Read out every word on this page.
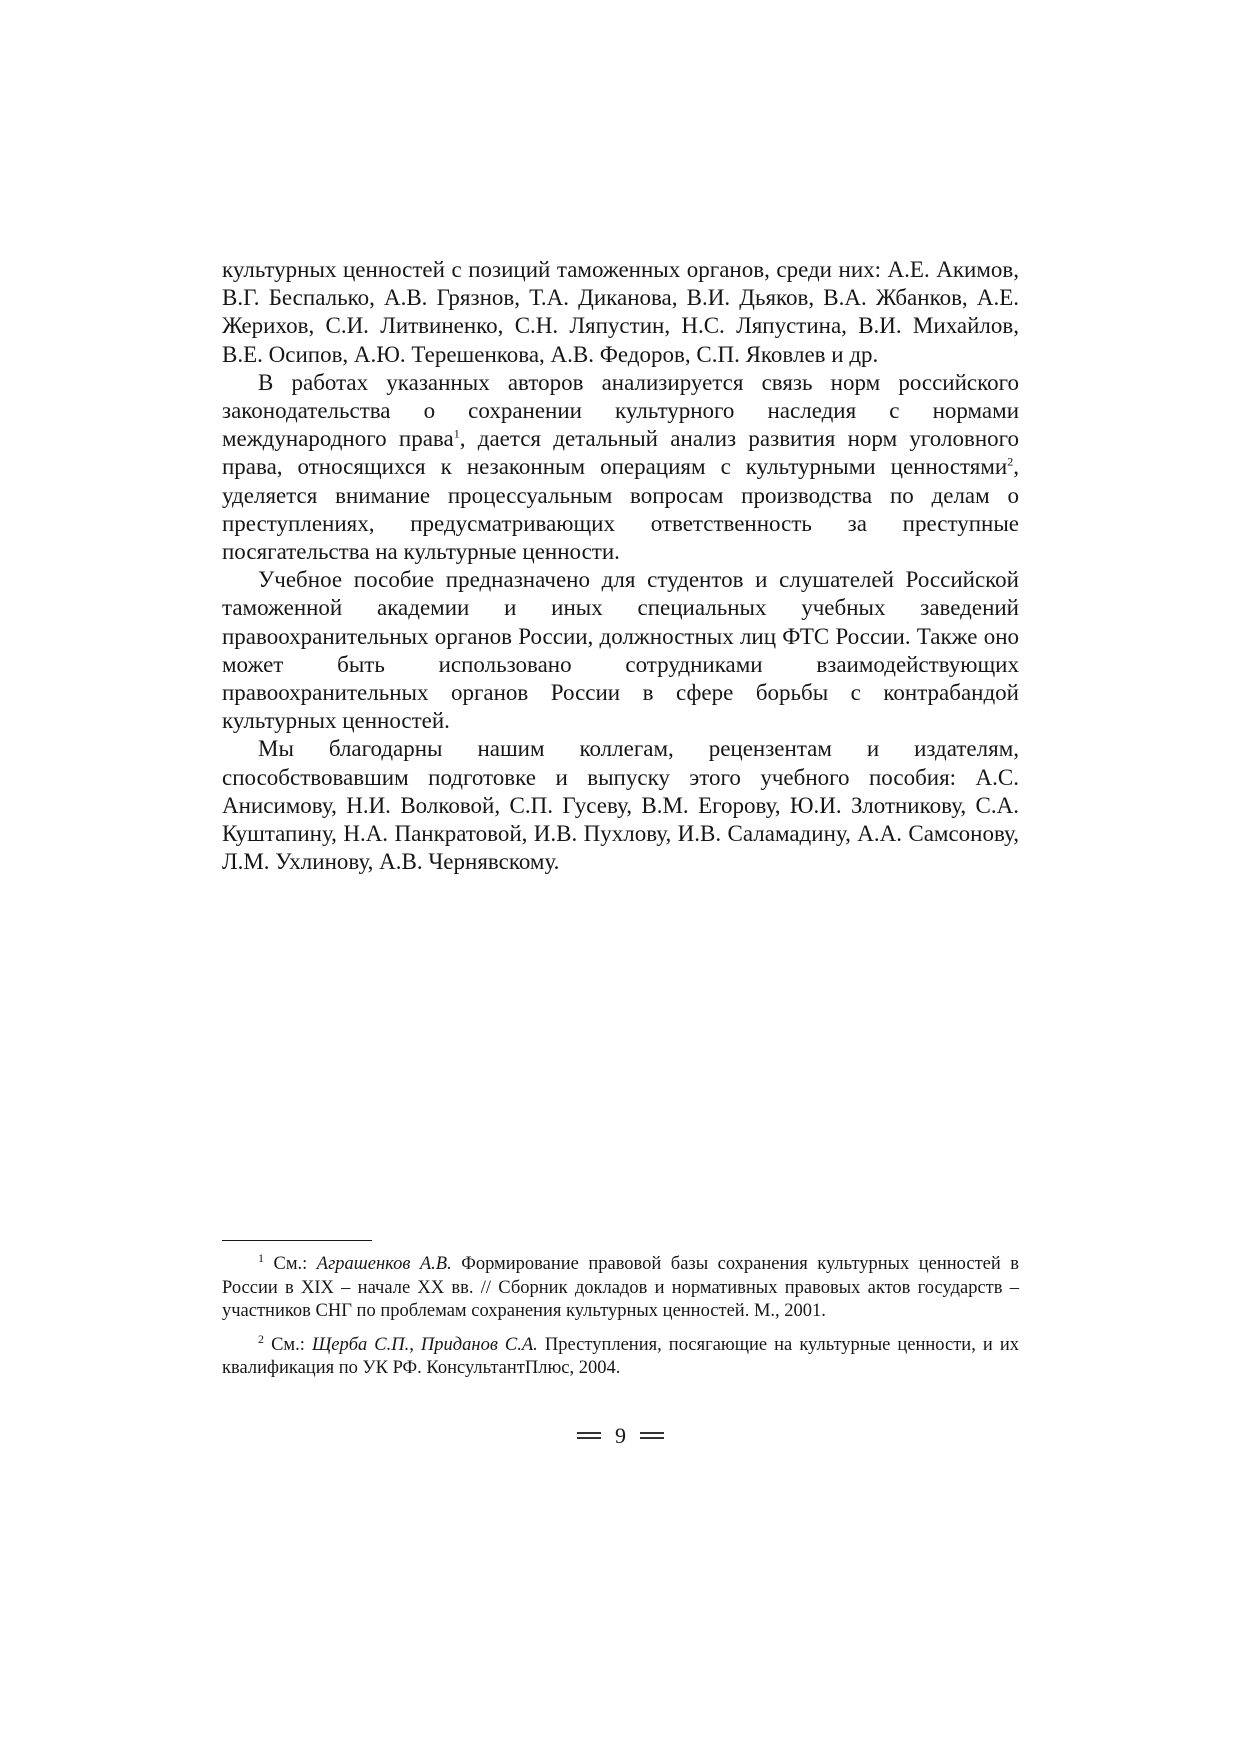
культурных ценностей с позиций таможенных органов, среди них: А.Е. Акимов, В.Г. Беспалько, А.В. Грязнов, Т.А. Диканова, В.И. Дьяков, В.А. Жбанков, А.Е. Жерихов, С.И. Литвиненко, С.Н. Ляпустин, Н.С. Ляпустина, В.И. Михайлов, В.Е. Осипов, А.Ю. Терешенкова, А.В. Федоров, С.П. Яковлев и др.

В работах указанных авторов анализируется связь норм российского законодательства о сохранении культурного наследия с нормами международного права$^1$, дается детальный анализ развития норм уголовного права, относящихся к незаконным операциям с культурными ценностями$^2$, уделяется внимание процессуальным вопросам производства по делам о преступлениях, предусматривающих ответственность за преступные посягательства на культурные ценности.

Учебное пособие предназначено для студентов и слушателей Российской таможенной академии и иных специальных учебных заведений правоохранительных органов России, должностных лиц ФТС России. Также оно может быть использовано сотрудниками взаимодействующих правоохранительных органов России в сфере борьбы с контрабандой культурных ценностей.

Мы благодарны нашим коллегам, рецензентам и издателям, способствовавшим подготовке и выпуску этого учебного пособия: А.С. Анисимову, Н.И. Волковой, С.П. Гусеву, В.М. Егорову, Ю.И. Злотникову, С.А. Куштапину, Н.А. Панкратовой, И.В. Пухлову, И.В. Саламадину, А.А. Самсонову, Л.М. Ухлинову, А.В. Чернявскому.

$^1$ См.: Аграшенков А.В. Формирование правовой базы сохранения культурных ценностей в России в XIX – начале XX вв. // Сборник докладов и нормативных правовых актов государств – участников СНГ по проблемам сохранения культурных ценностей. М., 2001.

$^2$ См.: Щерба С.П., Приданов С.А. Преступления, посягающие на культурные ценности, и их квалификация по УК РФ. КонсультантПлюс, 2004.

9
